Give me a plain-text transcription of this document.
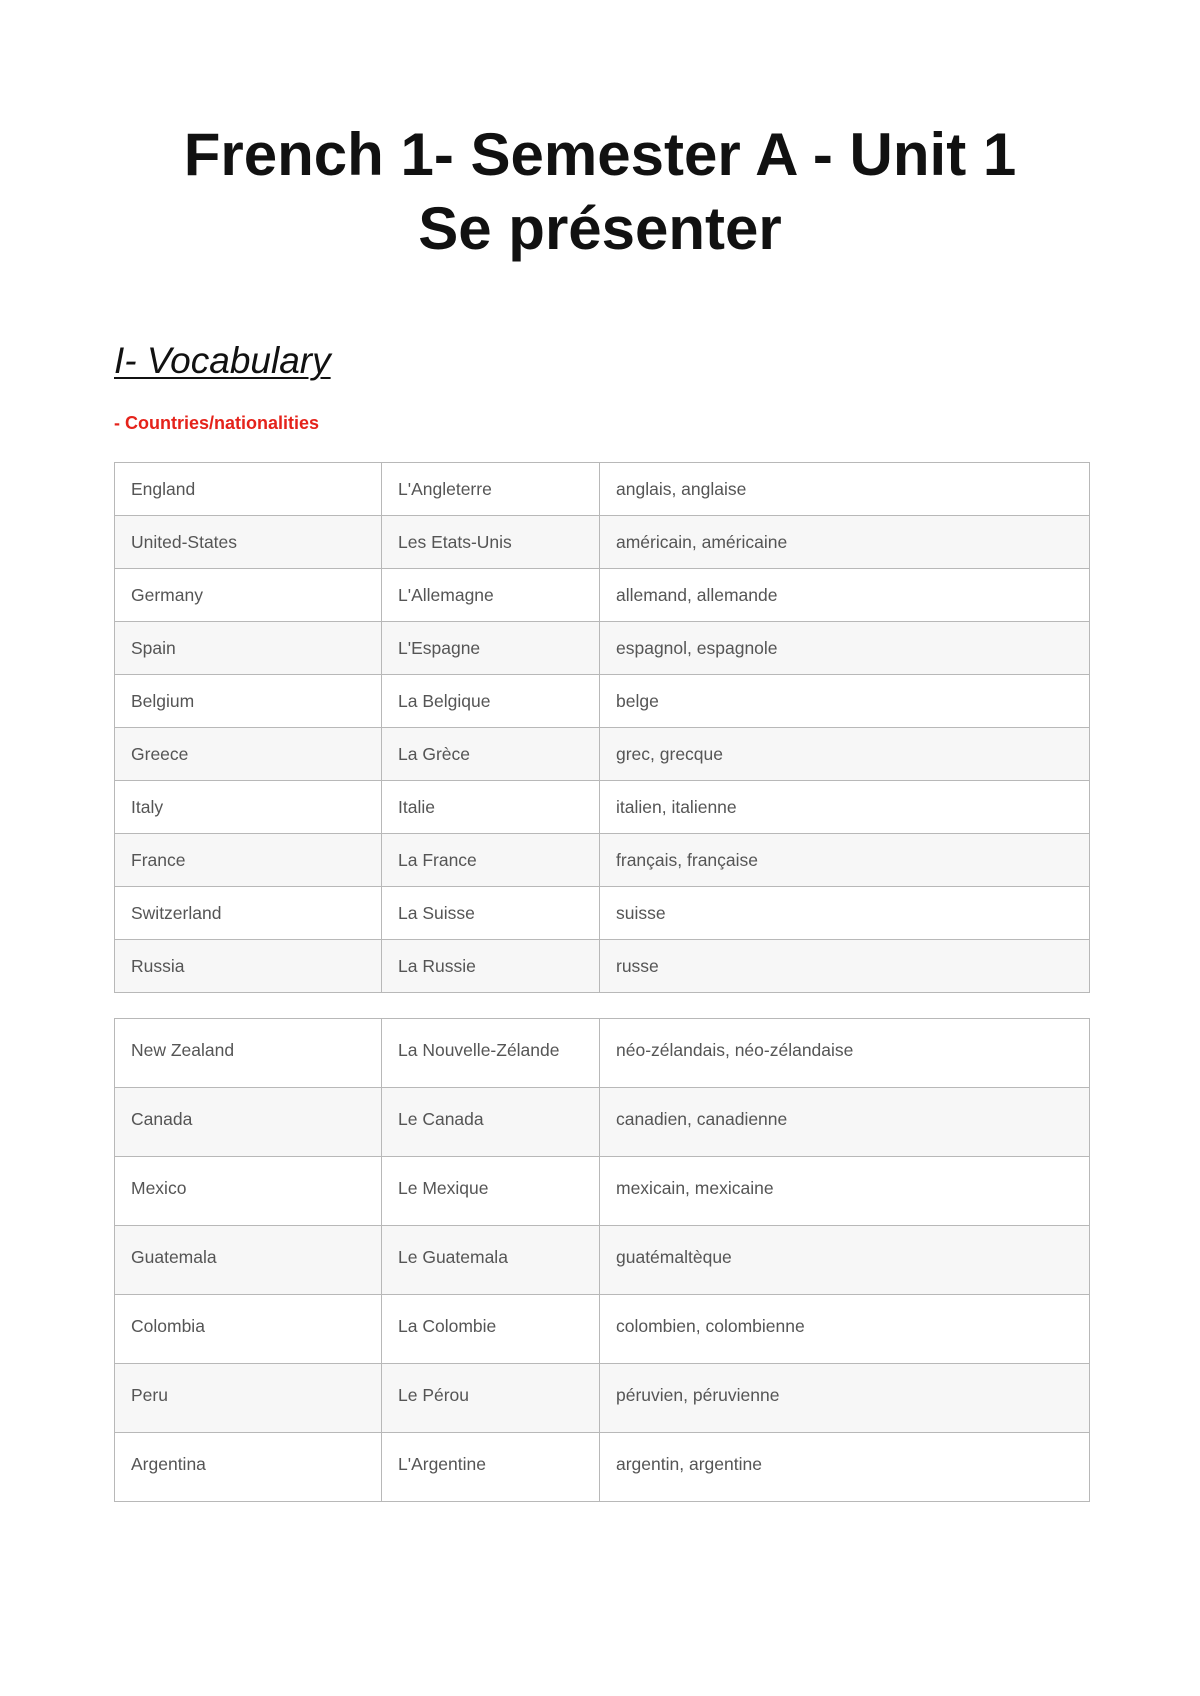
French 1- Semester A - Unit 1
Se présenter
I- Vocabulary
- Countries/nationalities
England	L'Angleterre	anglais, anglaise
United-States	Les Etats-Unis	américain, américaine
Germany	L'Allemagne	allemand, allemande
Spain	L'Espagne	espagnol, espagnole
Belgium	La Belgique	belge
Greece	La Grèce	grec, grecque
Italy	Italie	italien, italienne
France	La France	français, française
Switzerland	La Suisse	suisse
Russia	La Russie	russe
New Zealand	La Nouvelle-Zélande	néo-zélandais, néo-zélandaise
Canada	Le Canada	canadien, canadienne
Mexico	Le Mexique	mexicain, mexicaine
Guatemala	Le Guatemala	guatémaltèque
Colombia	La Colombie	colombien, colombienne
Peru	Le Pérou	péruvien, péruvienne
Argentina	L'Argentine	argentin, argentine
